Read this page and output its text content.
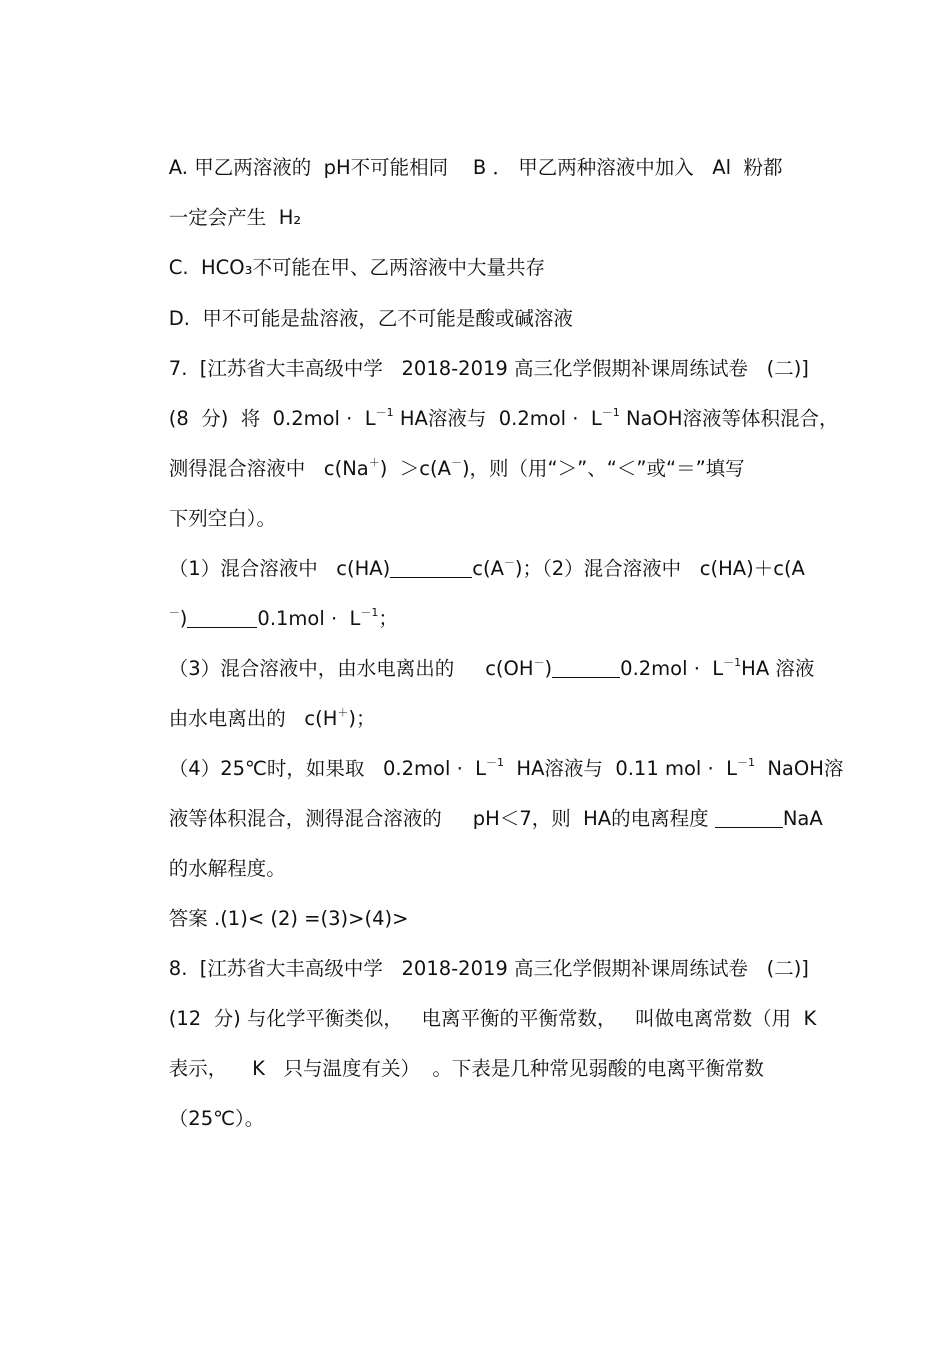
A. 甲乙两溶液的  pH不可能相同    B ． 甲乙两种溶液中加入   Al  粉都

一定会产生  H₂

C.  HCO₃不可能在甲、乙两溶液中大量共存

D.  甲不可能是盐溶液，乙不可能是酸或碱溶液

7.  [江苏省大丰高级中学   2018-2019 高三化学假期补课周练试卷   (二)]

(8  分)  将  $0.2mol \cdot L^{-1}$ HA溶液与  $0.2mol \cdot L^{-1}$ NaOH溶液等体积混合，

测得混合溶液中   c(Na＋)  ＞c(A－)，则（用“＞”、“＜”或“＝”填写

下列空白）。

（1）混合溶液中   c(HA)	c(A－)；（2）混合溶液中   c(HA)＋c(A

－)	$0.1mol \cdot L^{-1}$；

（3）混合溶液中，由水电离出的     c(OH－)	$0.2mol \cdot L^{-1}HA$ 溶液

由水电离出的   c(H＋)；

（4）25℃时，如果取   $0.2mol \cdot L^{-1}$  HA溶液与  0.11 mol ·  $L^{-1}$  NaOH溶

液等体积混合，测得混合溶液的     pH＜7，则  HA的电离程度	NaA

的水解程度。

答案 .(1)< (2) =(3)>(4)>

8.  [江苏省大丰高级中学   2018-2019 高三化学假期补课周练试卷   (二)]

(12  分) 与化学平衡类似，   电离平衡的平衡常数，   叫做电离常数（用  K

表示，    K   只与温度有关）  。下表是几种常见弱酸的电离平衡常数

（25℃）。
